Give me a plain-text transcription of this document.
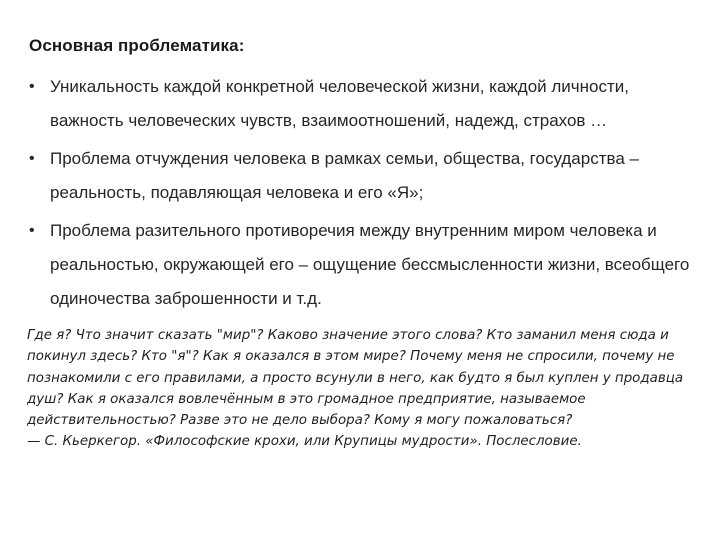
Основная проблематика:
• Уникальность каждой конкретной человеческой жизни, каждой личности, важность человеческих чувств, взаимоотношений, надежд, страхов …
• Проблема отчуждения человека в рамках семьи, общества, государства – реальность, подавляющая человека и его «Я»;
• Проблема разительного противоречия между внутренним миром человека и реальностью, окружающей его – ощущение бессмысленности жизни, всеобщего одиночества заброшенности и т.д.

Где я? Что значит сказать "мир"? Каково значение этого слова? Кто заманил меня сюда и покинул здесь? Кто "я"? Как я оказался в этом мире? Почему меня не спросили, почему не познакомили с его правилами, а просто всунули в него, как будто я был куплен у продавца душ? Как я оказался вовлечённым в это громадное предприятие, называемое действительностью? Разве это не дело выбора? Кому я могу пожаловаться?
— С. Кьеркегор. «Философские крохи, или Крупицы мудрости». Послесловие.
